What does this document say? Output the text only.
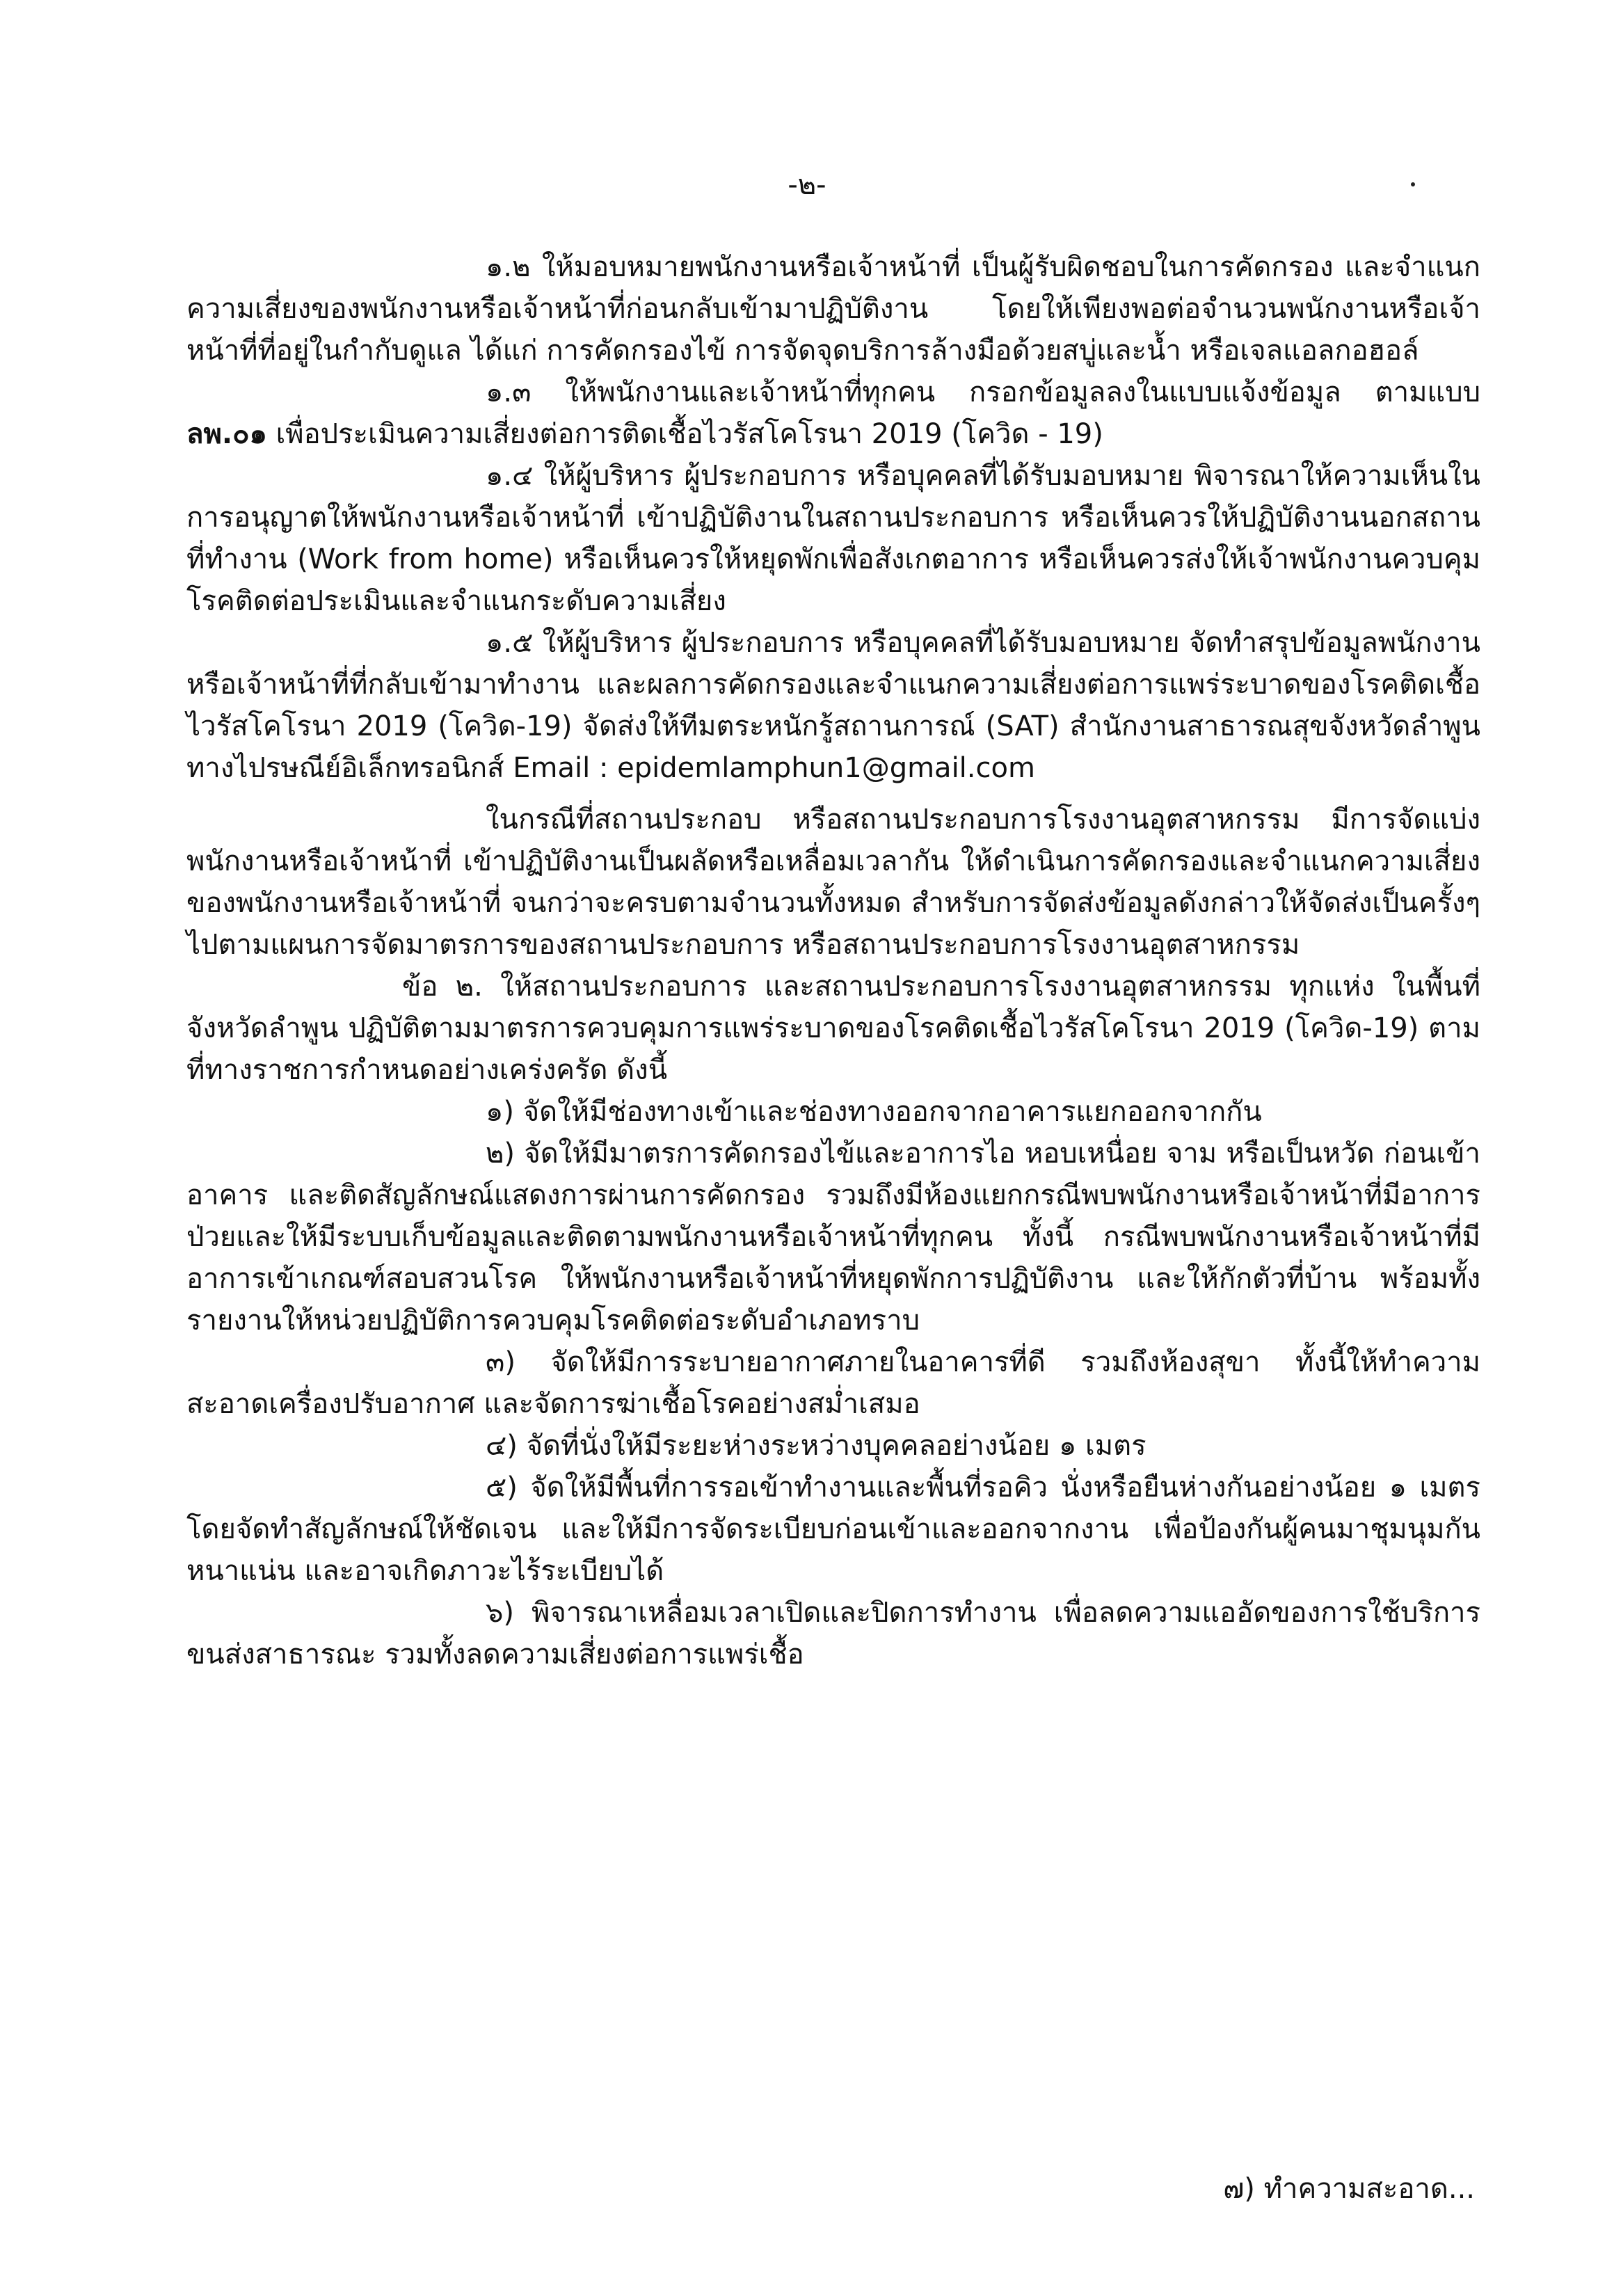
-๒-

๑.๒ ให้มอบหมายพนักงานหรือเจ้าหน้าที่ เป็นผู้รับผิดชอบในการคัดกรอง และจำแนกความเสี่ยงของพนักงานหรือเจ้าหน้าที่ก่อนกลับเข้ามาปฏิบัติงาน โดยให้เพียงพอต่อจำนวนพนักงานหรือเจ้าหน้าที่ที่อยู่ในกำกับดูแล ได้แก่ การคัดกรองไข้ การจัดจุดบริการล้างมือด้วยสบู่และน้ำ หรือเจลแอลกอฮอล์

๑.๓ ให้พนักงานและเจ้าหน้าที่ทุกคน กรอกข้อมูลลงในแบบแจ้งข้อมูล ตามแบบ ลพ.๐๑ เพื่อประเมินความเสี่ยงต่อการติดเชื้อไวรัสโคโรนา 2019 (โควิด - 19)

๑.๔ ให้ผู้บริหาร ผู้ประกอบการ หรือบุคคลที่ได้รับมอบหมาย พิจารณาให้ความเห็นในการอนุญาตให้พนักงานหรือเจ้าหน้าที่ เข้าปฏิบัติงานในสถานประกอบการ หรือเห็นควรให้ปฏิบัติงานนอกสถานที่ทำงาน (Work from home) หรือเห็นควรให้หยุดพักเพื่อสังเกตอาการ หรือเห็นควรส่งให้เจ้าพนักงานควบคุมโรคติดต่อประเมินและจำแนกระดับความเสี่ยง

๑.๕ ให้ผู้บริหาร ผู้ประกอบการ หรือบุคคลที่ได้รับมอบหมาย จัดทำสรุปข้อมูลพนักงานหรือเจ้าหน้าที่ที่กลับเข้ามาทำงาน และผลการคัดกรองและจำแนกความเสี่ยงต่อการแพร่ระบาดของโรคติดเชื้อไวรัสโคโรนา 2019 (โควิด-19) จัดส่งให้ทีมตระหนักรู้สถานการณ์ (SAT) สำนักงานสาธารณสุขจังหวัดลำพูน ทางไปรษณีย์อิเล็กทรอนิกส์ Email : epidemlamphun1@gmail.com

ในกรณีที่สถานประกอบ หรือสถานประกอบการโรงงานอุตสาหกรรม มีการจัดแบ่งพนักงานหรือเจ้าหน้าที่ เข้าปฏิบัติงานเป็นผลัดหรือเหลื่อมเวลากัน ให้ดำเนินการคัดกรองและจำแนกความเสี่ยงของพนักงานหรือเจ้าหน้าที่ จนกว่าจะครบตามจำนวนทั้งหมด สำหรับการจัดส่งข้อมูลดังกล่าวให้จัดส่งเป็นครั้งๆ ไปตามแผนการจัดมาตรการของสถานประกอบการ หรือสถานประกอบการโรงงานอุตสาหกรรม

ข้อ ๒. ให้สถานประกอบการ และสถานประกอบการโรงงานอุตสาหกรรม ทุกแห่ง ในพื้นที่จังหวัดลำพูน ปฏิบัติตามมาตรการควบคุมการแพร่ระบาดของโรคติดเชื้อไวรัสโคโรนา 2019 (โควิด-19) ตามที่ทางราชการกำหนดอย่างเคร่งครัด ดังนี้

๑) จัดให้มีช่องทางเข้าและช่องทางออกจากอาคารแยกออกจากกัน

๒) จัดให้มีมาตรการคัดกรองไข้และอาการไอ หอบเหนื่อย จาม หรือเป็นหวัด ก่อนเข้าอาคาร และติดสัญลักษณ์แสดงการผ่านการคัดกรอง รวมถึงมีห้องแยกกรณีพบพนักงานหรือเจ้าหน้าที่มีอาการป่วยและให้มีระบบเก็บข้อมูลและติดตามพนักงานหรือเจ้าหน้าที่ทุกคน ทั้งนี้ กรณีพบพนักงานหรือเจ้าหน้าที่มีอาการเข้าเกณฑ์สอบสวนโรค ให้พนักงานหรือเจ้าหน้าที่หยุดพักการปฏิบัติงาน และให้กักตัวที่บ้าน พร้อมทั้งรายงานให้หน่วยปฏิบัติการควบคุมโรคติดต่อระดับอำเภอทราบ

๓) จัดให้มีการระบายอากาศภายในอาคารที่ดี รวมถึงห้องสุขา ทั้งนี้ให้ทำความสะอาดเครื่องปรับอากาศ และจัดการฆ่าเชื้อโรคอย่างสม่ำเสมอ

๔) จัดที่นั่งให้มีระยะห่างระหว่างบุคคลอย่างน้อย ๑ เมตร

๕) จัดให้มีพื้นที่การรอเข้าทำงานและพื้นที่รอคิว นั่งหรือยืนห่างกันอย่างน้อย ๑ เมตรโดยจัดทำสัญลักษณ์ให้ชัดเจน และให้มีการจัดระเบียบก่อนเข้าและออกจากงาน เพื่อป้องกันผู้คนมาชุมนุมกันหนาแน่น และอาจเกิดภาวะไร้ระเบียบได้

๖) พิจารณาเหลื่อมเวลาเปิดและปิดการทำงาน เพื่อลดความแออัดของการใช้บริการขนส่งสาธารณะ รวมทั้งลดความเสี่ยงต่อการแพร่เชื้อ

๗) ทำความสะอาด...
